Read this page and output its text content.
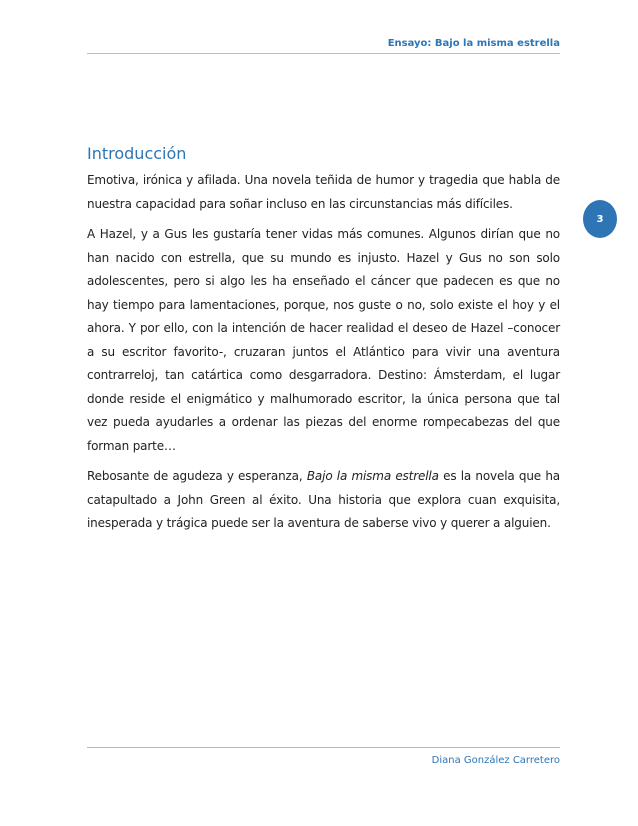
Ensayo: Bajo la misma estrella
3
Introducción

Emotiva, irónica y afilada. Una novela teñida de humor y tragedia que habla de nuestra capacidad para soñar incluso en las circunstancias más difíciles.

A Hazel, y a Gus les gustaría tener vidas más comunes. Algunos dirían que no han nacido con estrella, que su mundo es injusto. Hazel y Gus no son solo adolescentes, pero si algo les ha enseñado el cáncer que padecen es que no hay tiempo para lamentaciones, porque, nos guste o no, solo existe el hoy y el ahora. Y por ello, con la intención de hacer realidad el deseo de Hazel –conocer a su escritor favorito-, cruzaran juntos el Atlántico para vivir una aventura contrarreloj, tan catártica como desgarradora. Destino: Ámsterdam, el lugar donde reside el enigmático y malhumorado escritor, la única persona que tal vez pueda ayudarles a ordenar las piezas del enorme rompecabezas del que forman parte…

Rebosante de agudeza y esperanza, Bajo la misma estrella es la novela que ha catapultado a John Green al éxito. Una historia que explora cuan exquisita, inesperada y trágica puede ser la aventura de saberse vivo y querer a alguien.

Diana González Carretero
